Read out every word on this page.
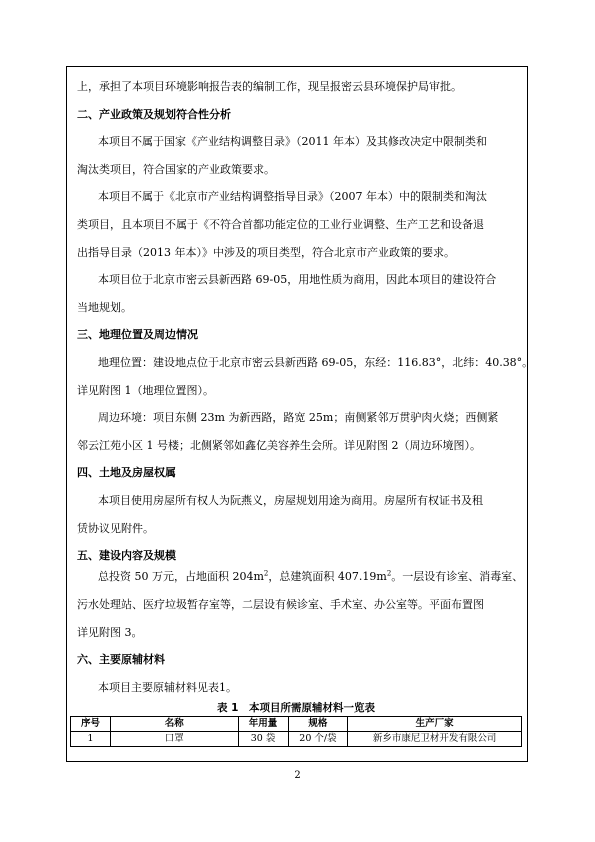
上，承担了本项目环境影响报告表的编制工作，现呈报密云县环境保护局审批。
二、产业政策及规划符合性分析
本项目不属于国家《产业结构调整目录》（2011 年本）及其修改决定中限制类和
淘汰类项目，符合国家的产业政策要求。
本项目不属于《北京市产业结构调整指导目录》（2007 年本）中的限制类和淘汰
类项目，且本项目不属于《不符合首都功能定位的工业行业调整、生产工艺和设备退
出指导目录（2013 年本）》中涉及的项目类型，符合北京市产业政策的要求。
本项目位于北京市密云县新西路 69-05，用地性质为商用，因此本项目的建设符合
当地规划。
三、地理位置及周边情况
地理位置：建设地点位于北京市密云县新西路 69-05，东经：116.83°，北纬：40.38°。
详见附图 1（地理位置图）。
周边环境：项目东侧 23m 为新西路，路宽 25m；南侧紧邻万贯驴肉火烧；西侧紧
邻云江苑小区 1 号楼；北侧紧邻如鑫亿美容养生会所。详见附图 2（周边环境图）。
四、土地及房屋权属
本项目使用房屋所有权人为阮燕义，房屋规划用途为商用。房屋所有权证书及租
赁协议见附件。
五、建设内容及规模
总投资 50 万元，占地面积 $204m^2$，总建筑面积 $407.19m^2$。一层设有诊室、消毒室、
污水处理站、医疗垃圾暂存室等，二层设有候诊室、手术室、办公室等。平面布置图
详见附图 3。
六、主要原辅材料
本项目主要原辅材料见表1。
表 1　本项目所需原辅材料一览表
序号	名称	年用量	规格	生产厂家
1	口罩	30 袋	20 个/袋	新乡市康尼卫材开发有限公司
2
